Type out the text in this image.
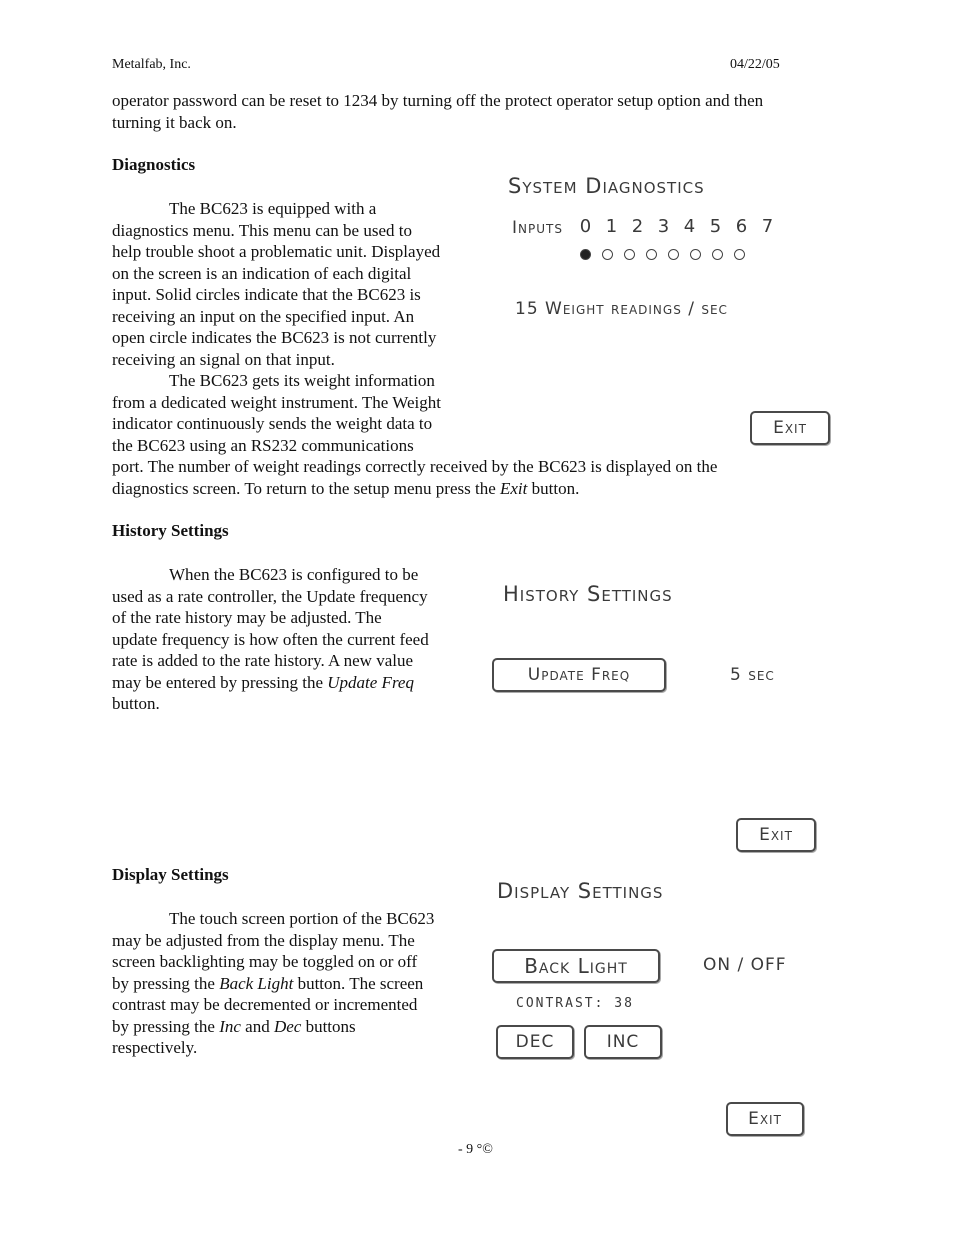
Metalfab, Inc.	04/22/05
operator password can be reset to 1234 by turning off the protect operator setup option and then
turning it back on.
Diagnostics
The BC623 is equipped with a
diagnostics menu. This menu can be used to
help trouble shoot a problematic unit. Displayed
on the screen is an indication of each digital
input. Solid circles indicate that the BC623 is
receiving an input on the specified input. An
open circle indicates the BC623 is not currently
receiving an signal on that input.
The BC623 gets its weight information
from a dedicated weight instrument. The Weight
indicator continuously sends the weight data to
the BC623 using an RS232 communications
port. The number of weight readings correctly received by the BC623 is displayed on the
diagnostics screen. To return to the setup menu press the Exit button.
System Diagnostics
Inputs 0 1 2 3 4 5 6 7
15 Weight readings / sec
Exit
History Settings
When the BC623 is configured to be
used as a rate controller, the Update frequency
of the rate history may be adjusted. The
update frequency is how often the current feed
rate is added to the rate history. A new value
may be entered by pressing the Update Freq
button.
History Settings
Update Freq	5 sec
Exit
Display Settings
The touch screen portion of the BC623
may be adjusted from the display menu. The
screen backlighting may be toggled on or off
by pressing the Back Light button. The screen
contrast may be decremented or incremented
by pressing the Inc and Dec buttons
respectively.
Display Settings
Back Light	ON / OFF
CONTRAST: 38
DEC	INC
Exit
- 9 °©
